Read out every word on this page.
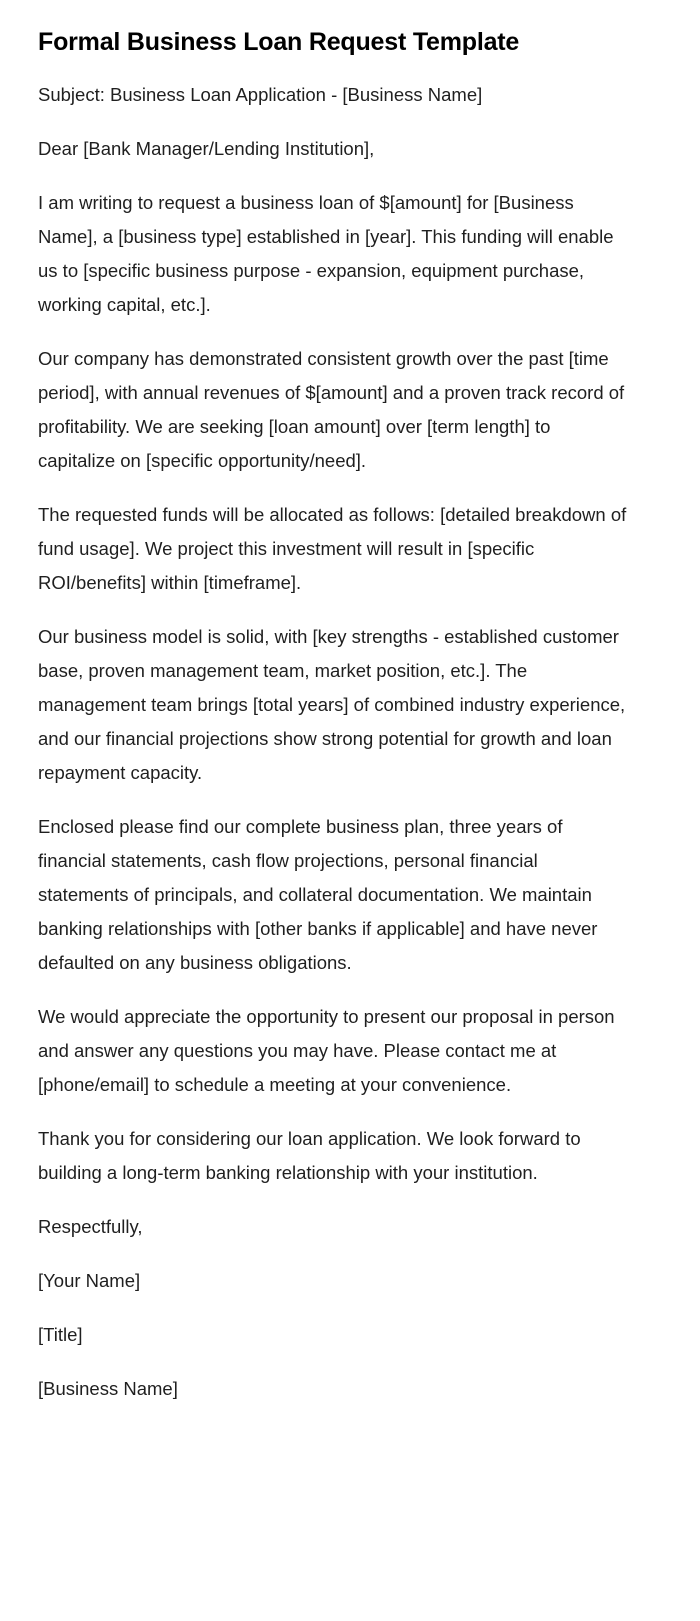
Formal Business Loan Request Template

Subject: Business Loan Application - [Business Name]

Dear [Bank Manager/Lending Institution],

I am writing to request a business loan of $[amount] for [Business Name], a [business type] established in [year]. This funding will enable us to [specific business purpose - expansion, equipment purchase, working capital, etc.].

Our company has demonstrated consistent growth over the past [time period], with annual revenues of $[amount] and a proven track record of profitability. We are seeking [loan amount] over [term length] to capitalize on [specific opportunity/need].

The requested funds will be allocated as follows: [detailed breakdown of fund usage]. We project this investment will result in [specific ROI/benefits] within [timeframe].

Our business model is solid, with [key strengths - established customer base, proven management team, market position, etc.]. The management team brings [total years] of combined industry experience, and our financial projections show strong potential for growth and loan repayment capacity.

Enclosed please find our complete business plan, three years of financial statements, cash flow projections, personal financial statements of principals, and collateral documentation. We maintain banking relationships with [other banks if applicable] and have never defaulted on any business obligations.

We would appreciate the opportunity to present our proposal in person and answer any questions you may have. Please contact me at [phone/email] to schedule a meeting at your convenience.

Thank you for considering our loan application. We look forward to building a long-term banking relationship with your institution.

Respectfully,

[Your Name]

[Title]

[Business Name]
